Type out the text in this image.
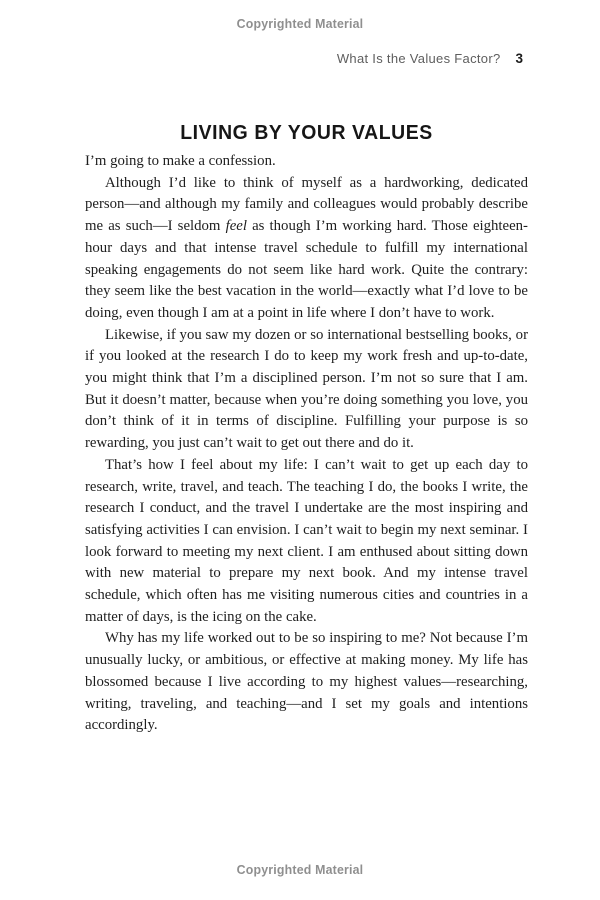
Copyrighted Material
What Is the Values Factor? 3
LIVING BY YOUR VALUES

I’m going to make a confession.

Although I’d like to think of myself as a hardworking, dedicated person—and although my family and colleagues would probably describe me as such—I seldom feel as though I’m working hard. Those eighteen-hour days and that intense travel schedule to fulfill my international speaking engagements do not seem like hard work. Quite the contrary: they seem like the best vacation in the world—exactly what I’d love to be doing, even though I am at a point in life where I don’t have to work.

Likewise, if you saw my dozen or so international bestselling books, or if you looked at the research I do to keep my work fresh and up-to-date, you might think that I’m a disciplined person. I’m not so sure that I am. But it doesn’t matter, because when you’re doing something you love, you don’t think of it in terms of discipline. Fulfilling your purpose is so rewarding, you just can’t wait to get out there and do it.

That’s how I feel about my life: I can’t wait to get up each day to research, write, travel, and teach. The teaching I do, the books I write, the research I conduct, and the travel I undertake are the most inspiring and satisfying activities I can envision. I can’t wait to begin my next seminar. I look forward to meeting my next client. I am enthused about sitting down with new material to prepare my next book. And my intense travel schedule, which often has me visiting numerous cities and countries in a matter of days, is the icing on the cake.

Why has my life worked out to be so inspiring to me? Not because I’m unusually lucky, or ambitious, or effective at making money. My life has blossomed because I live according to my highest values—researching, writing, traveling, and teaching—and I set my goals and intentions accordingly.

Copyrighted Material
